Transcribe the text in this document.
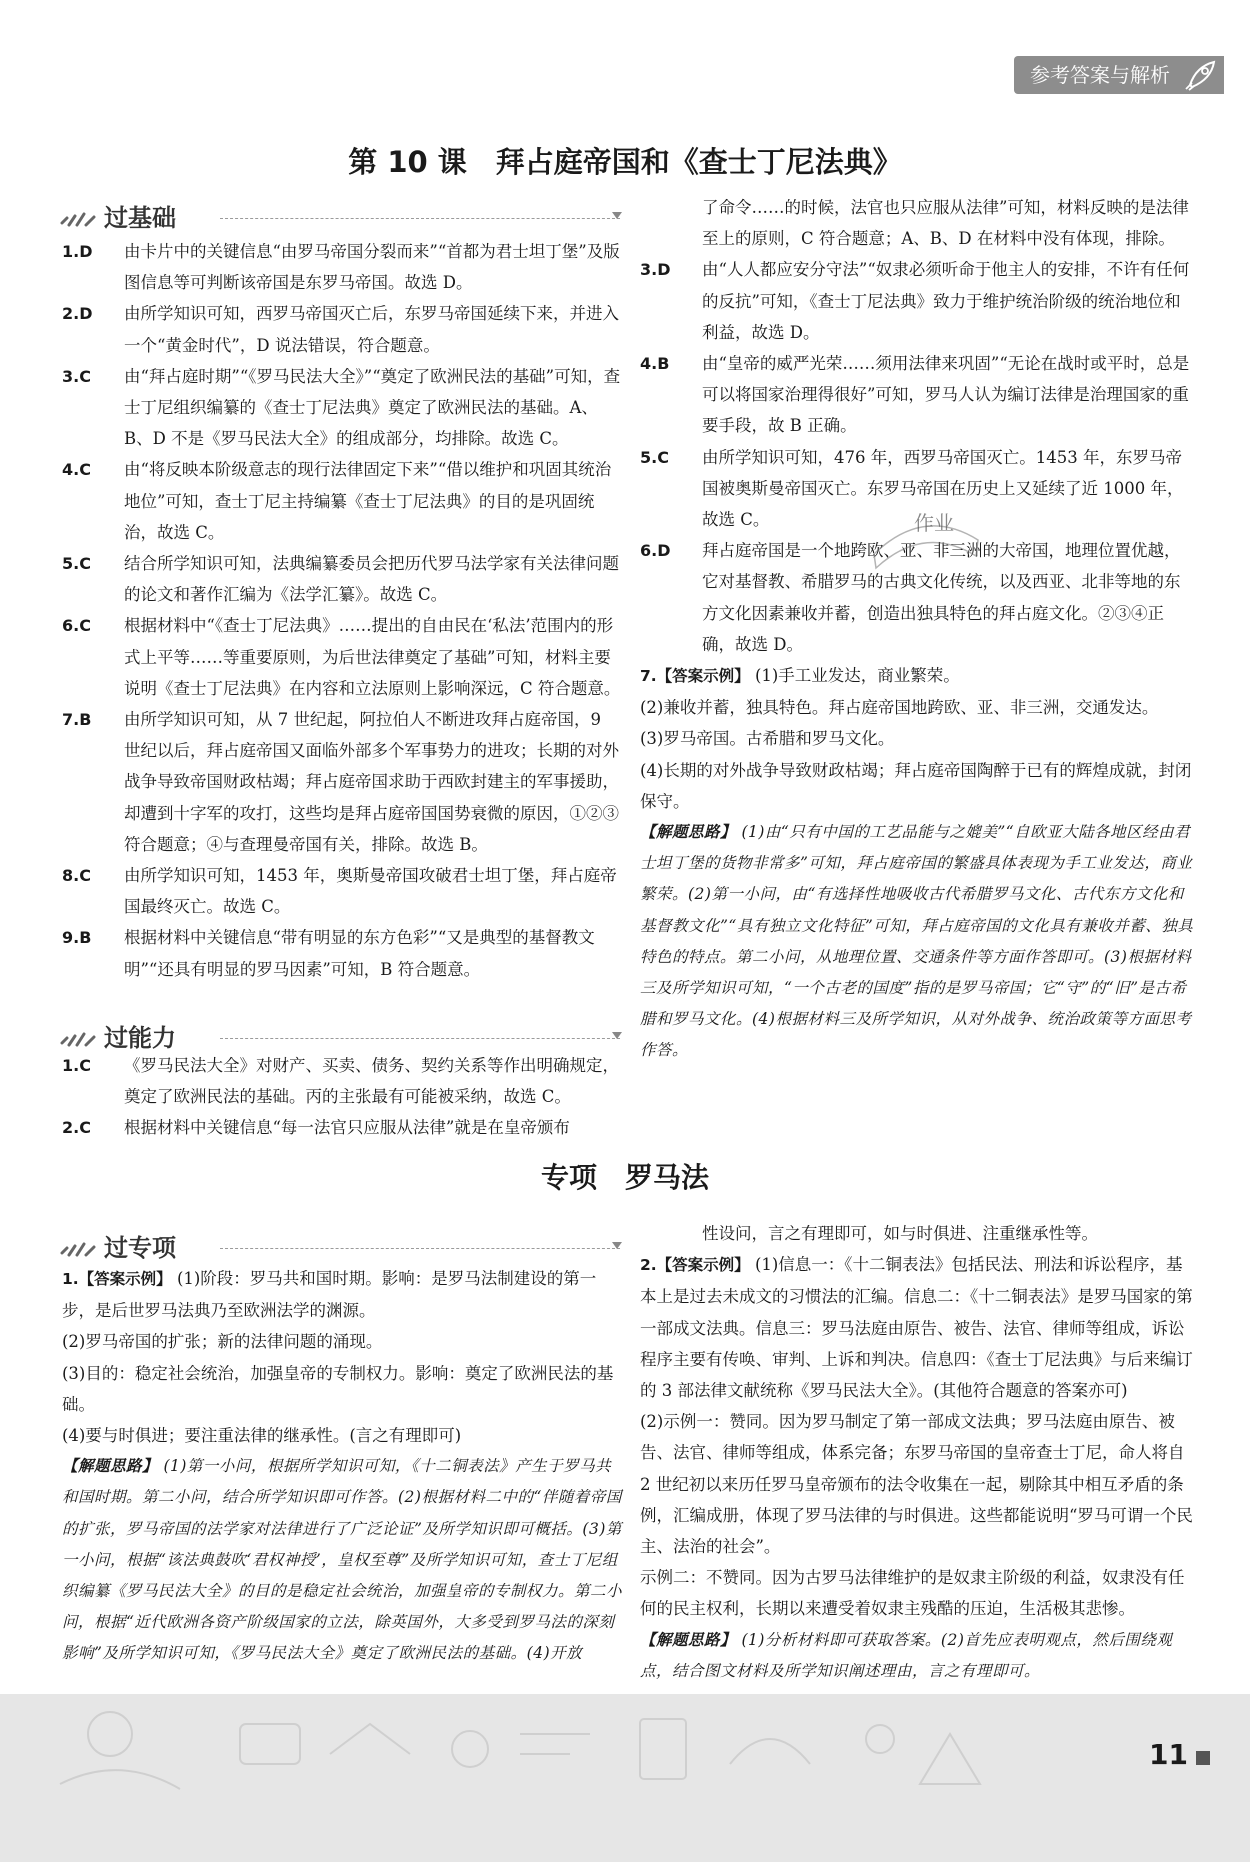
参考答案与解析
第 10 课　拜占庭帝国和《查士丁尼法典》
过基础
1.D 由卡片中的关键信息“由罗马帝国分裂而来”“首都为君士坦丁堡”及版图信息等可判断该帝国是东罗马帝国。故选 D。
2.D 由所学知识可知，西罗马帝国灭亡后，东罗马帝国延续下来，并进入一个“黄金时代”，D 说法错误，符合题意。
3.C 由“拜占庭时期”“《罗马民法大全》”“奠定了欧洲民法的基础”可知，查士丁尼组织编纂的《查士丁尼法典》奠定了欧洲民法的基础。A、B、D 不是《罗马民法大全》的组成部分，均排除。故选 C。
4.C 由“将反映本阶级意志的现行法律固定下来”“借以维护和巩固其统治地位”可知，查士丁尼主持编纂《查士丁尼法典》的目的是巩固统治，故选 C。
5.C 结合所学知识可知，法典编纂委员会把历代罗马法学家有关法律问题的论文和著作汇编为《法学汇纂》。故选 C。
6.C 根据材料中“《查士丁尼法典》……提出的自由民在‘私法’范围内的形式上平等……等重要原则，为后世法律奠定了基础”可知，材料主要说明《查士丁尼法典》在内容和立法原则上影响深远，C 符合题意。
7.B 由所学知识可知，从 7 世纪起，阿拉伯人不断进攻拜占庭帝国，9 世纪以后，拜占庭帝国又面临外部多个军事势力的进攻；长期的对外战争导致帝国财政枯竭；拜占庭帝国求助于西欧封建主的军事援助，却遭到十字军的攻打，这些均是拜占庭帝国国势衰微的原因，①②③符合题意；④与查理曼帝国有关，排除。故选 B。
8.C 由所学知识可知，1453 年，奥斯曼帝国攻破君士坦丁堡，拜占庭帝国最终灭亡。故选 C。
9.B 根据材料中关键信息“带有明显的东方色彩”“又是典型的基督教文明”“还具有明显的罗马因素”可知，B 符合题意。
过能力
1.C 《罗马民法大全》对财产、买卖、债务、契约关系等作出明确规定，奠定了欧洲民法的基础。丙的主张最有可能被采纳，故选 C。
2.C 根据材料中关键信息“每一法官只应服从法律”就是在皇帝颁布
了命令……的时候，法官也只应服从法律”可知，材料反映的是法律至上的原则，C 符合题意；A、B、D 在材料中没有体现，排除。
3.D 由“人人都应安分守法”“奴隶必须听命于他主人的安排，不许有任何的反抗”可知，《查士丁尼法典》致力于维护统治阶级的统治地位和利益，故选 D。
4.B 由“皇帝的威严光荣……须用法律来巩固”“无论在战时或平时，总是可以将国家治理得很好”可知，罗马人认为编订法律是治理国家的重要手段，故 B 正确。
5.C 由所学知识可知，476 年，西罗马帝国灭亡。1453 年，东罗马帝国被奥斯曼帝国灭亡。东罗马帝国在历史上又延续了近 1000 年，故选 C。
6.D 拜占庭帝国是一个地跨欧、亚、非三洲的大帝国，地理位置优越，它对基督教、希腊罗马的古典文化传统，以及西亚、北非等地的东方文化因素兼收并蓄，创造出独具特色的拜占庭文化。②③④正确，故选 D。
7.【答案示例】 (1)手工业发达，商业繁荣。
(2)兼收并蓄，独具特色。拜占庭帝国地跨欧、亚、非三洲，交通发达。
(3)罗马帝国。古希腊和罗马文化。
(4)长期的对外战争导致财政枯竭；拜占庭帝国陶醉于已有的辉煌成就，封闭保守。
【解题思路】 (1)由“只有中国的工艺品能与之媲美”“自欧亚大陆各地区经由君士坦丁堡的货物非常多”可知，拜占庭帝国的繁盛具体表现为手工业发达，商业繁荣。(2)第一小问，由“有选择性地吸收古代希腊罗马文化、古代东方文化和基督教文化”“具有独立文化特征”可知，拜占庭帝国的文化具有兼收并蓄、独具特色的特点。第二小问，从地理位置、交通条件等方面作答即可。(3)根据材料三及所学知识可知，“一个古老的国度”指的是罗马帝国；它“守”的“旧”是古希腊和罗马文化。(4)根据材料三及所学知识，从对外战争、统治政策等方面思考作答。
作业
专项　罗马法
过专项
1.【答案示例】 (1)阶段：罗马共和国时期。影响：是罗马法制建设的第一步，是后世罗马法典乃至欧洲法学的渊源。
(2)罗马帝国的扩张；新的法律问题的涌现。
(3)目的：稳定社会统治，加强皇帝的专制权力。影响：奠定了欧洲民法的基础。
(4)要与时俱进；要注重法律的继承性。(言之有理即可)
【解题思路】 (1)第一小问，根据所学知识可知，《十二铜表法》产生于罗马共和国时期。第二小问，结合所学知识即可作答。(2)根据材料二中的“伴随着帝国的扩张，罗马帝国的法学家对法律进行了广泛论证”及所学知识即可概括。(3)第一小问，根据“该法典鼓吹‘君权神授’，皇权至尊”及所学知识可知，查士丁尼组织编纂《罗马民法大全》的目的是稳定社会统治，加强皇帝的专制权力。第二小问，根据“近代欧洲各资产阶级国家的立法，除英国外，大多受到罗马法的深刻影响”及所学知识可知，《罗马民法大全》奠定了欧洲民法的基础。(4)开放
性设问，言之有理即可，如与时俱进、注重继承性等。
2.【答案示例】 (1)信息一：《十二铜表法》包括民法、刑法和诉讼程序，基本上是过去未成文的习惯法的汇编。信息二：《十二铜表法》是罗马国家的第一部成文法典。信息三：罗马法庭由原告、被告、法官、律师等组成，诉讼程序主要有传唤、审判、上诉和判决。信息四：《查士丁尼法典》与后来编订的 3 部法律文献统称《罗马民法大全》。(其他符合题意的答案亦可)
(2)示例一：赞同。因为罗马制定了第一部成文法典；罗马法庭由原告、被告、法官、律师等组成，体系完备；东罗马帝国的皇帝查士丁尼，命人将自 2 世纪初以来历任罗马皇帝颁布的法令收集在一起，剔除其中相互矛盾的条例，汇编成册，体现了罗马法律的与时俱进。这些都能说明“罗马可谓一个民主、法治的社会”。
示例二：不赞同。因为古罗马法律维护的是奴隶主阶级的利益，奴隶没有任何的民主权利，长期以来遭受着奴隶主残酷的压迫，生活极其悲惨。
【解题思路】 (1)分析材料即可获取答案。(2)首先应表明观点，然后围绕观点，结合图文材料及所学知识阐述理由，言之有理即可。
11
